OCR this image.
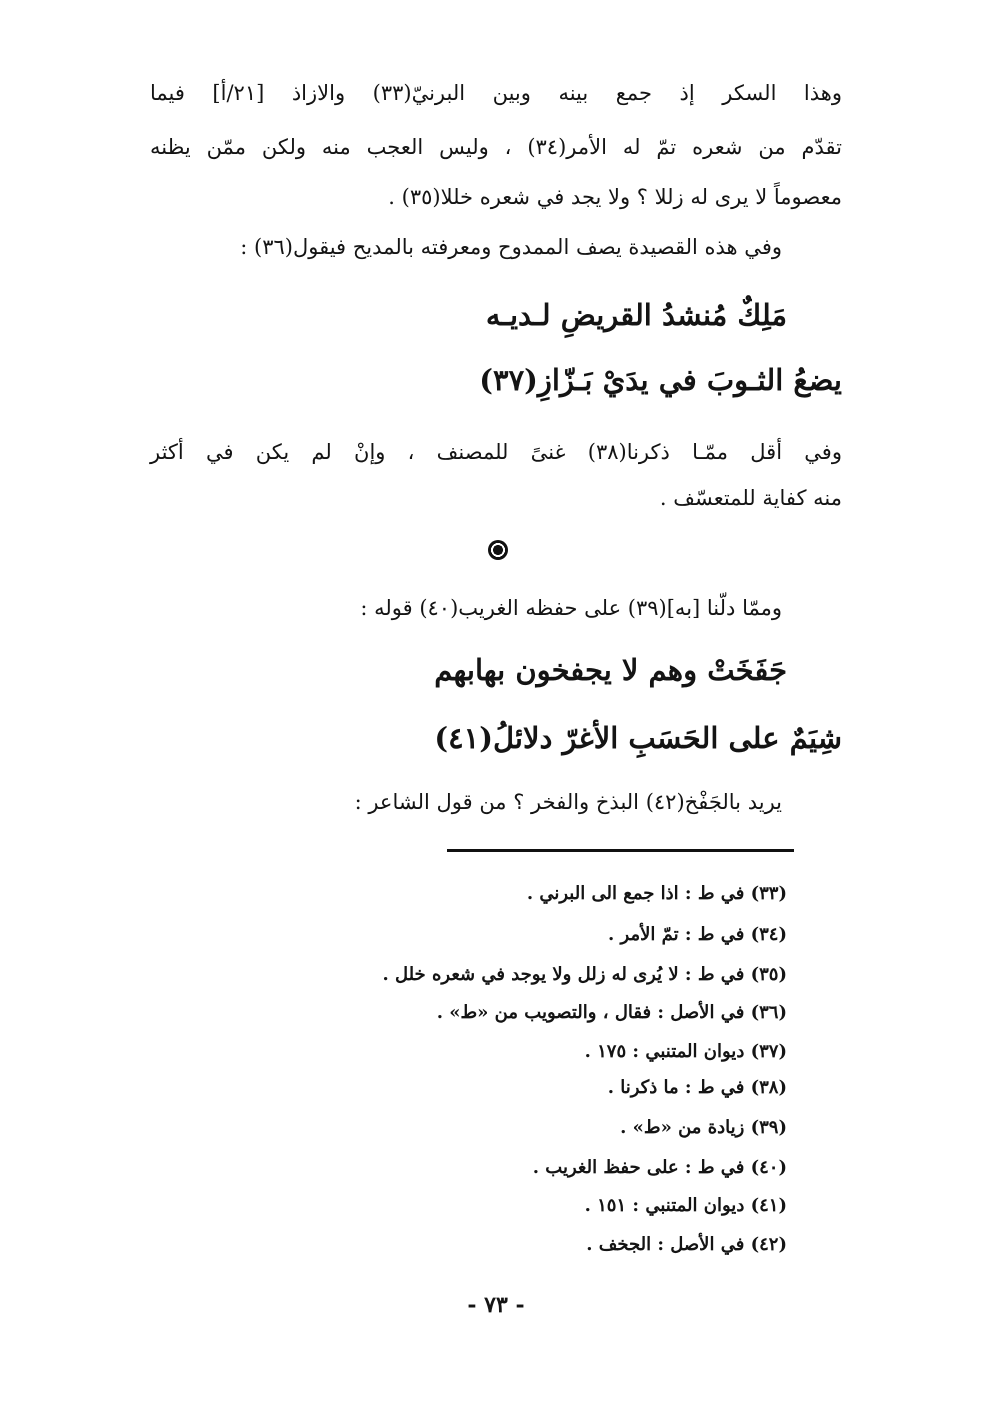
وهذا السكر إذ جمع بينه وبين البرنيّ(٣٣) والازاذ [٢١/أ] فيما
تقدّم من شعره تمّ له الأمر(٣٤) ، وليس العجب منه ولكن ممّن يظنه
معصوماً لا يرى له زللا ؟ ولا يجد في شعره خللا(٣٥) .
وفي هذه القصيدة يصف الممدوح ومعرفته بالمديح فيقول(٣٦) :
مَلِكٌ مُنشدُ القريضِ لـديـه
يضعُ الثـوبَ في يدَيْ بَـزّازِ(٣٧)
وفي أقل ممّـا ذكرنا(٣٨) غنىً للمصنف ، وإنْ لم يكن في أكثر
منه كفاية للمتعسّف .
وممّا دلّنا [به](٣٩) على حفظه الغريب(٤٠) قوله :
جَفَخَتْ وهم لا يجفخون بهابهم
شِيَمٌ على الحَسَبِ الأغرّ دلائلُ(٤١)
يريد بالجَفْخ(٤٢) البذخ والفخر ؟ من قول الشاعر :
(٣٣) في ط : اذا جمع الى البرني .
(٣٤) في ط : تمّ الأمر .
(٣٥) في ط : لا يُرى له زلل ولا يوجد في شعره خلل .
(٣٦) في الأصل : فقال ، والتصويب من «ط» .
(٣٧) ديوان المتنبي : ١٧٥ .
(٣٨) في ط : ما ذكرنا .
(٣٩) زيادة من «ط» .
(٤٠) في ط : على حفظ الغريب .
(٤١) ديوان المتنبي : ١٥١ .
(٤٢) في الأصل : الجخف .
- ٧٣ -
